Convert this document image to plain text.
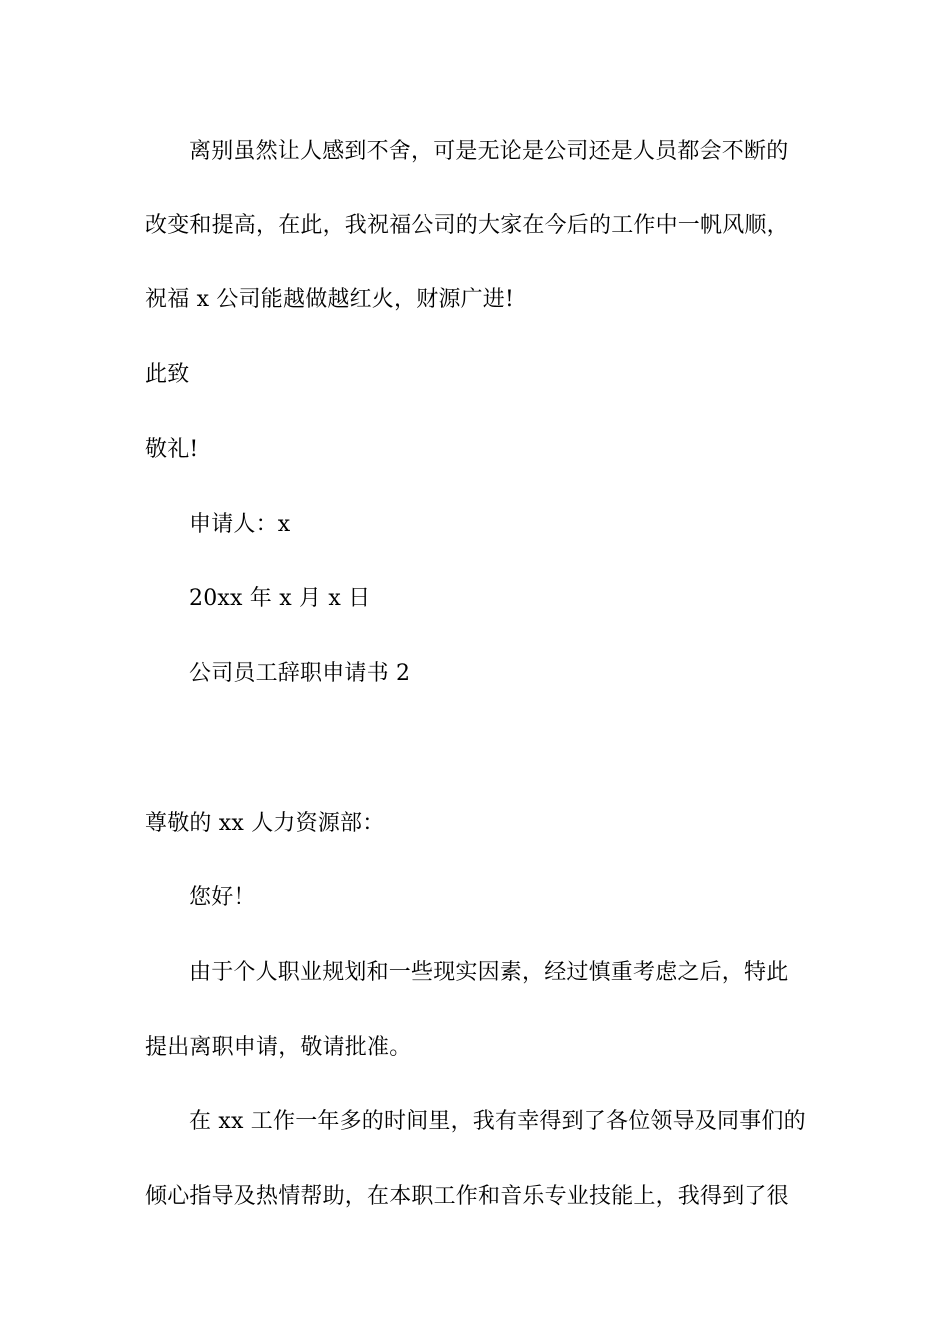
离别虽然让人感到不舍，可是无论是公司还是人员都会不断的
改变和提高，在此，我祝福公司的大家在今后的工作中一帆风顺，
祝福 x 公司能越做越红火，财源广进!
此致
敬礼!
申请人：x
20xx 年 x 月 x 日
公司员工辞职申请书 2
尊敬的 xx 人力资源部：
您好！
由于个人职业规划和一些现实因素，经过慎重考虑之后，特此
提出离职申请，敬请批准。
在 xx 工作一年多的时间里，我有幸得到了各位领导及同事们的
倾心指导及热情帮助，在本职工作和音乐专业技能上，我得到了很
